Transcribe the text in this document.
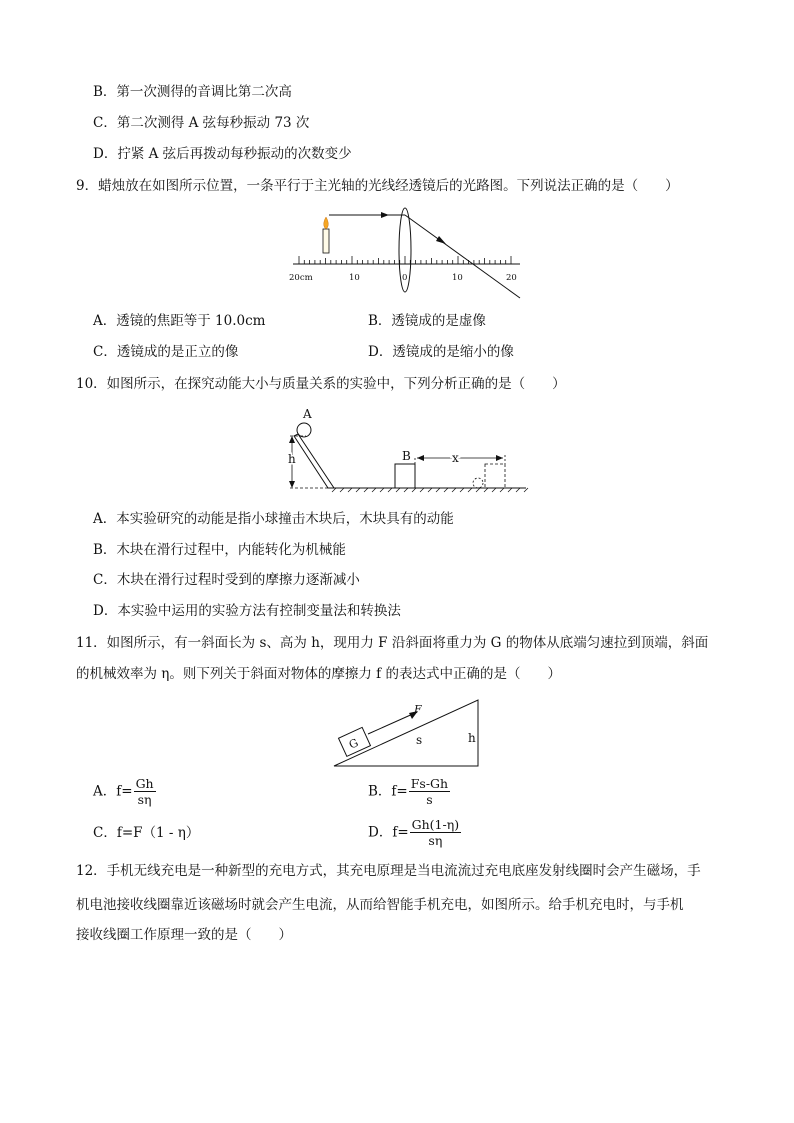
B．第一次测得的音调比第二次高
C．第二次测得 A 弦每秒振动 73 次
D．拧紧 A 弦后再拨动每秒振动的次数变少
9．蜡烛放在如图所示位置，一条平行于主光轴的光线经透镜后的光路图。下列说法正确的是（　　）
20cm	10	0	10	20
A．透镜的焦距等于 10.0cm	B．透镜成的是虚像
C．透镜成的是正立的像	D．透镜成的是缩小的像
10．如图所示，在探究动能大小与质量关系的实验中，下列分析正确的是（　　）
A
h	B	x
A．本实验研究的动能是指小球撞击木块后，木块具有的动能
B．木块在滑行过程中，内能转化为机械能
C．木块在滑行过程时受到的摩擦力逐渐减小
D．本实验中运用的实验方法有控制变量法和转换法
11．如图所示，有一斜面长为 s、高为 h，现用力 F 沿斜面将重力为 G 的物体从底端匀速拉到顶端，斜面
的机械效率为 η。则下列关于斜面对物体的摩擦力 f 的表达式中正确的是（　　）
G
F
s	h
A．$f= \frac{Gh}{s\eta}$	B．$f= \frac{Fs-Gh}{s}$
C．f=F（1 - η）	D．$f= \frac{Gh(1-\eta)}{s\eta}$
12．手机无线充电是一种新型的充电方式，其充电原理是当电流流过充电底座发射线圈时会产生磁场，手
机电池接收线圈靠近该磁场时就会产生电流，从而给智能手机充电，如图所示。给手机充电时，与手机
接收线圈工作原理一致的是（　　）
